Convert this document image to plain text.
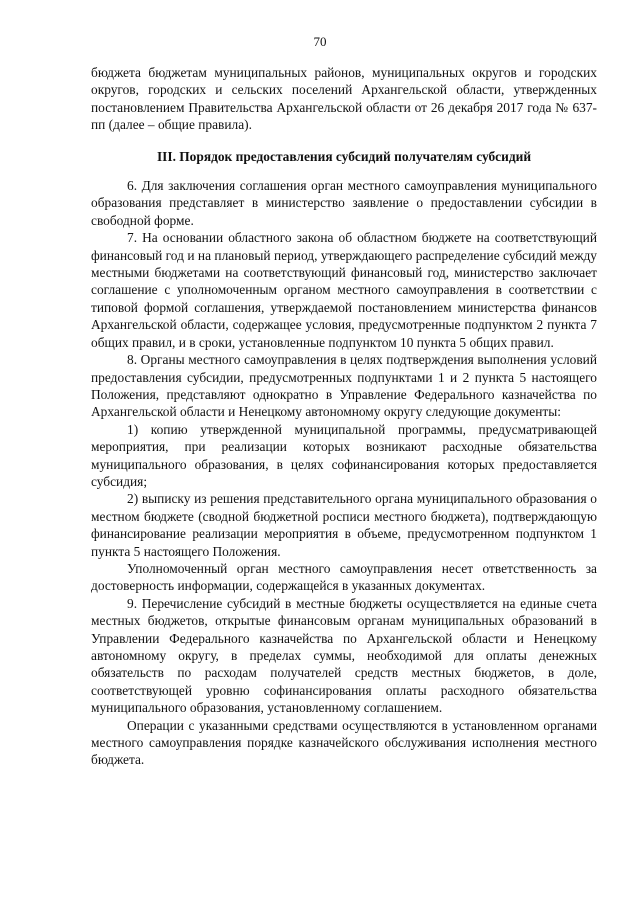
70

бюджета бюджетам муниципальных районов, муниципальных округов и городских округов, городских и сельских поселений Архангельской области, утвержденных постановлением Правительства Архангельской области от 26 декабря 2017 года № 637-пп (далее – общие правила).

III. Порядок предоставления субсидий получателям субсидий

6. Для заключения соглашения орган местного самоуправления муниципального образования представляет в министерство заявление о предоставлении субсидии в свободной форме.

7. На основании областного закона об областном бюджете на соответствующий финансовый год и на плановый период, утверждающего распределение субсидий между местными бюджетами на соответствующий финансовый год, министерство заключает соглашение с уполномоченным органом местного самоуправления в соответствии с типовой формой соглашения, утверждаемой постановлением министерства финансов Архангельской области, содержащее условия, предусмотренные подпунктом 2 пункта 7 общих правил, и в сроки, установленные подпунктом 10 пункта 5 общих правил.

8. Органы местного самоуправления в целях подтверждения выполнения условий предоставления субсидии, предусмотренных подпунктами 1 и 2 пункта 5 настоящего Положения, представляют однократно в Управление Федерального казначейства по Архангельской области и Ненецкому автономному округу следующие документы:

1) копию утвержденной муниципальной программы, предусматривающей мероприятия, при реализации которых возникают расходные обязательства муниципального образования, в целях софинансирования которых предоставляется субсидия;

2) выписку из решения представительного органа муниципального образования о местном бюджете (сводной бюджетной росписи местного бюджета), подтверждающую финансирование реализации мероприятия в объеме, предусмотренном подпунктом 1 пункта 5 настоящего Положения.

Уполномоченный орган местного самоуправления несет ответственность за достоверность информации, содержащейся в указанных документах.

9. Перечисление субсидий в местные бюджеты осуществляется на единые счета местных бюджетов, открытые финансовым органам муниципальных образований в Управлении Федерального казначейства по Архангельской области и Ненецкому автономному округу, в пределах суммы, необходимой для оплаты денежных обязательств по расходам получателей средств местных бюджетов, в доле, соответствующей уровню софинансирования оплаты расходного обязательства муниципального образования, установленному соглашением.

Операции с указанными средствами осуществляются в установленном органами местного самоуправления порядке казначейского обслуживания исполнения местного бюджета.
